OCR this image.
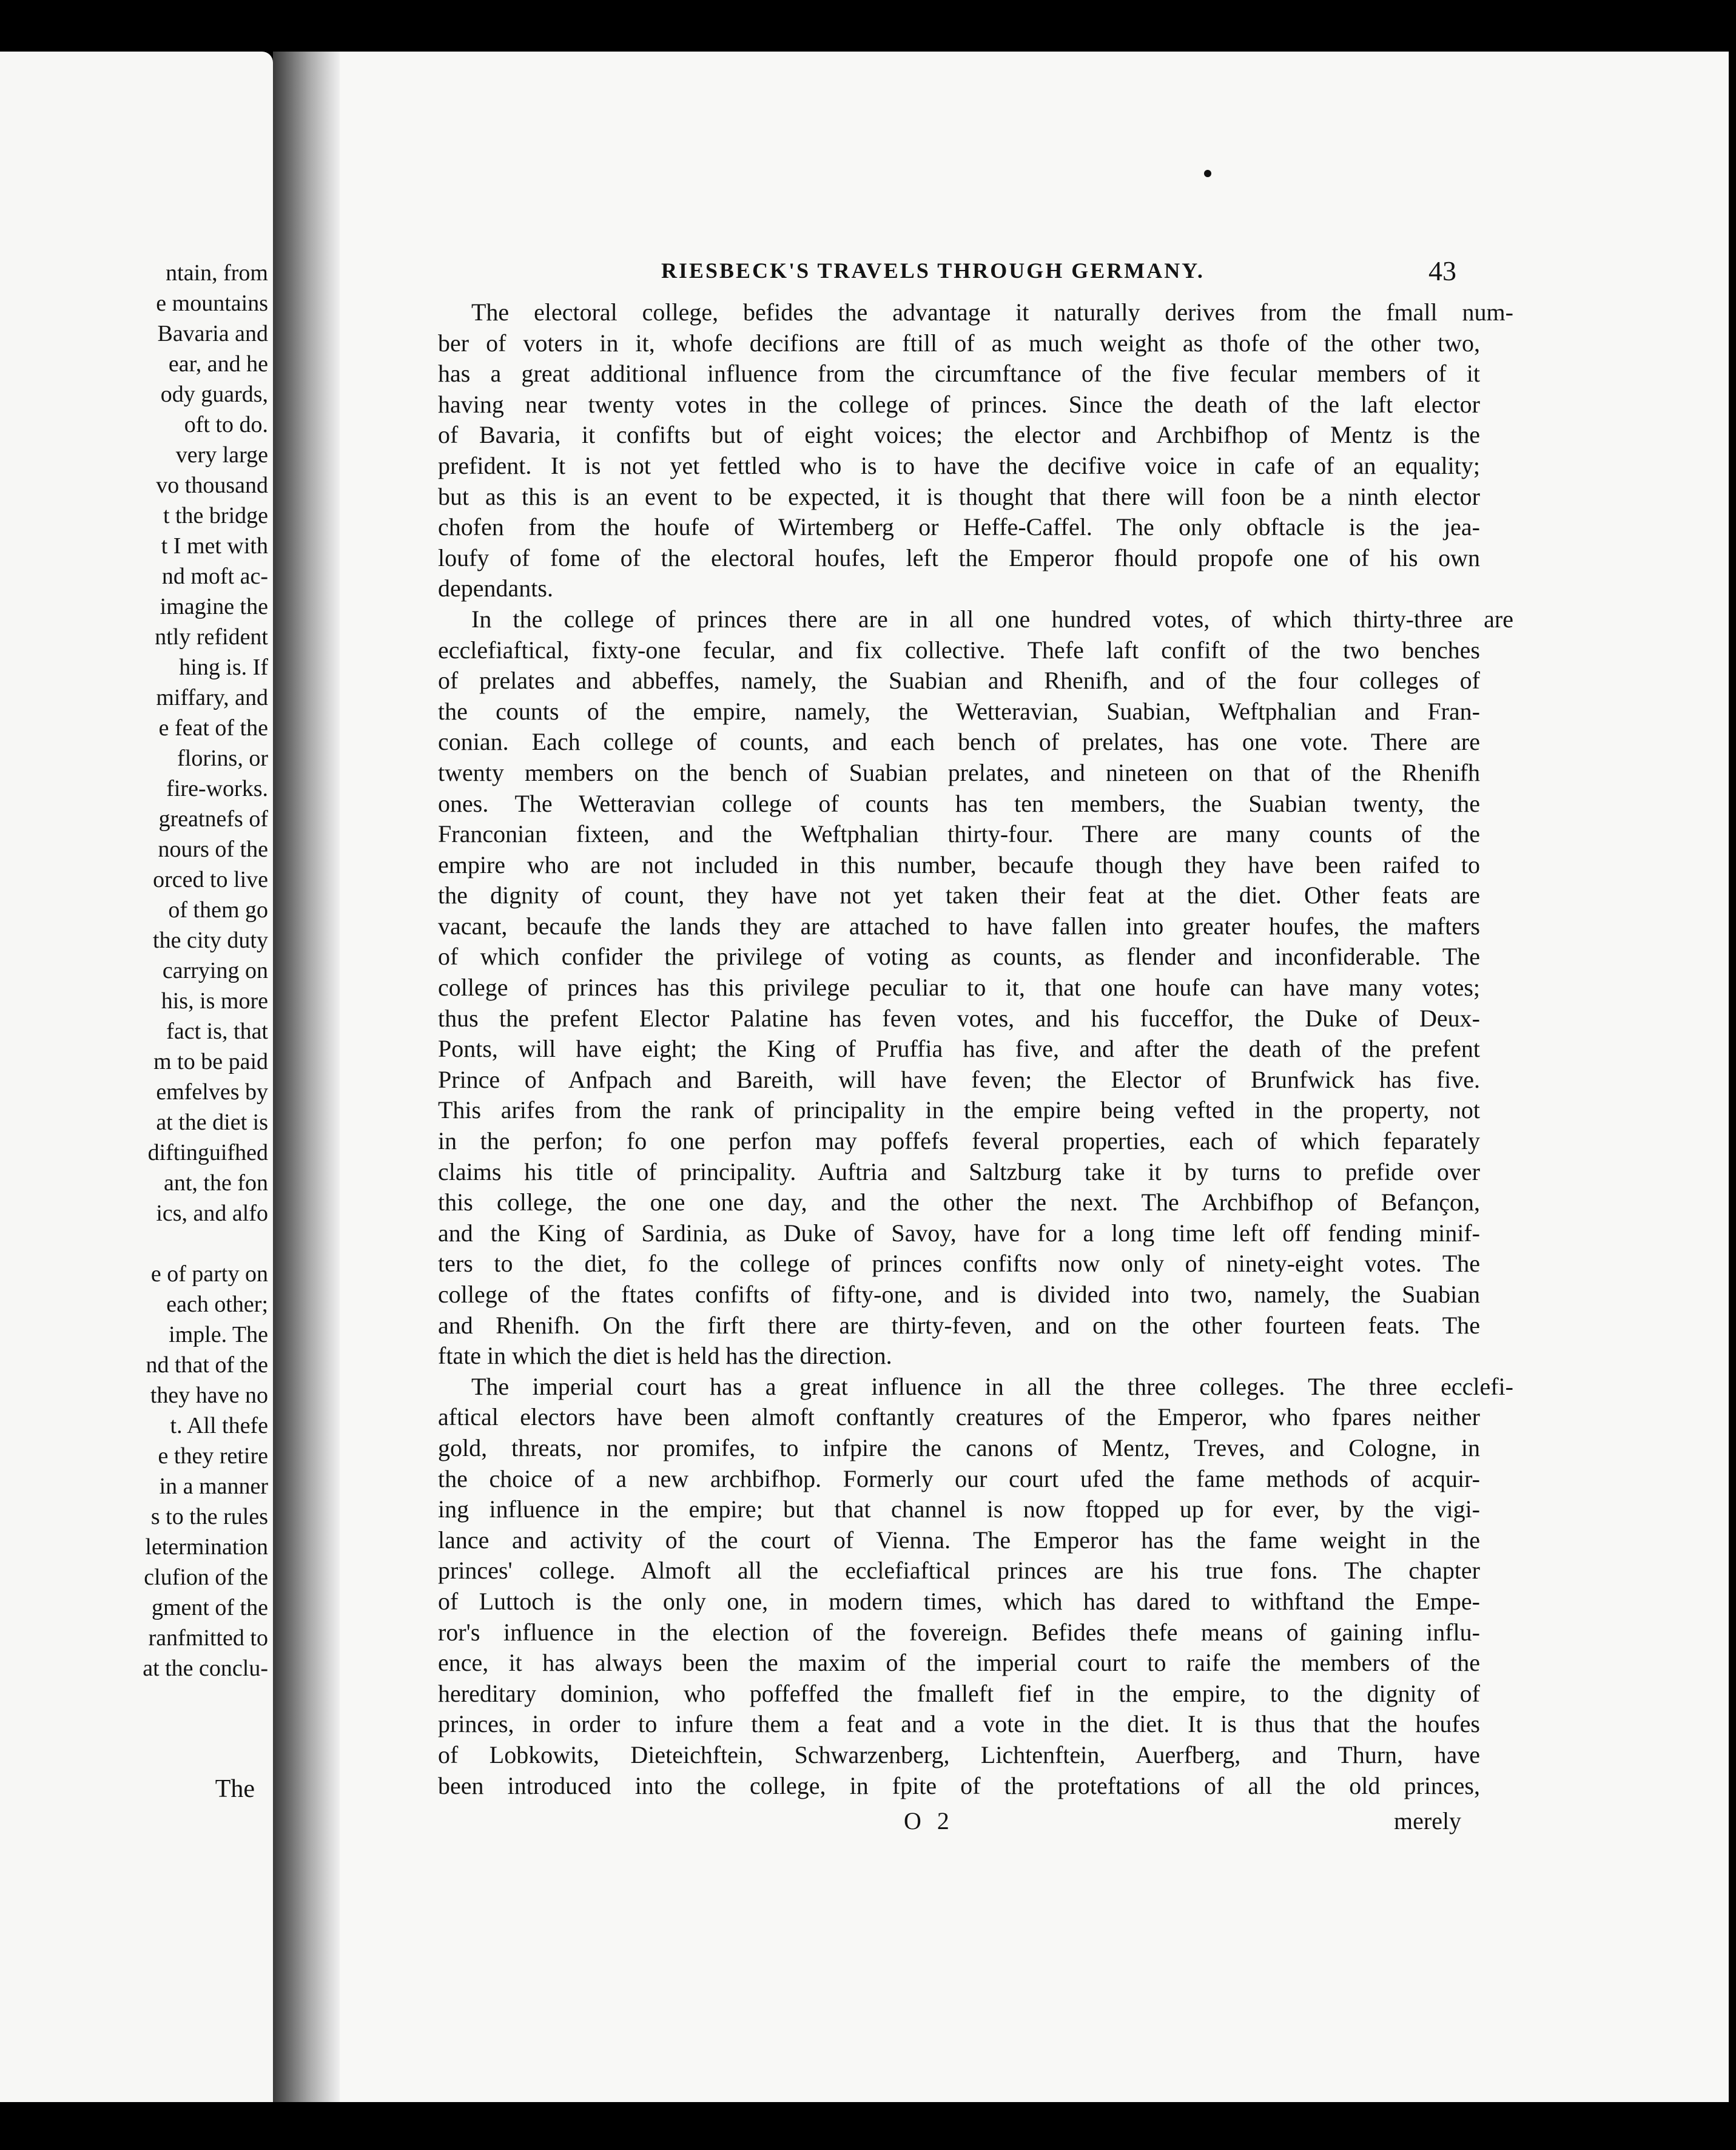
ntain, from
e mountains
Bavaria and
ear, and he
ody guards,
oft to do.
very large
vo thousand
t the bridge
t I met with
nd moft ac-
imagine the
ntly refident
hing is. If
miffary, and
e feat of the
florins, or
fire-works.
greatnefs of
nours of the
orced to live
of them go
the city duty
carrying on
his, is more
fact is, that
m to be paid
emfelves by
at the diet is
diftinguifhed
ant, the fon
ics, and alfo
e of party on
each other;
imple. The
nd that of the
they have no
t. All thefe
e they retire
in a manner
s to the rules
letermination
clufion of the
gment of the
ranfmitted to
at the conclu-
The
RIESBECK'S TRAVELS THROUGH GERMANY.	43
The electoral college, befides the advantage it naturally derives from the fmall num-
ber of voters in it, whofe decifions are ftill of as much weight as thofe of the other two,
has a great additional influence from the circumftance of the five fecular members of it
having near twenty votes in the college of princes. Since the death of the laft elector
of Bavaria, it confifts but of eight voices; the elector and Archbifhop of Mentz is the
prefident. It is not yet fettled who is to have the decifive voice in cafe of an equality;
but as this is an event to be expected, it is thought that there will foon be a ninth elector
chofen from the houfe of Wirtemberg or Heffe-Caffel. The only obftacle is the jea-
loufy of fome of the electoral houfes, left the Emperor fhould propofe one of his own
dependants.
In the college of princes there are in all one hundred votes, of which thirty-three are
ecclefiaftical, fixty-one fecular, and fix collective. Thefe laft confift of the two benches
of prelates and abbeffes, namely, the Suabian and Rhenifh, and of the four colleges of
the counts of the empire, namely, the Wetteravian, Suabian, Weftphalian and Fran-
conian. Each college of counts, and each bench of prelates, has one vote. There are
twenty members on the bench of Suabian prelates, and nineteen on that of the Rhenifh
ones. The Wetteravian college of counts has ten members, the Suabian twenty, the
Franconian fixteen, and the Weftphalian thirty-four. There are many counts of the
empire who are not included in this number, becaufe though they have been raifed to
the dignity of count, they have not yet taken their feat at the diet. Other feats are
vacant, becaufe the lands they are attached to have fallen into greater houfes, the mafters
of which confider the privilege of voting as counts, as flender and inconfiderable. The
college of princes has this privilege peculiar to it, that one houfe can have many votes;
thus the prefent Elector Palatine has feven votes, and his fucceffor, the Duke of Deux-
Ponts, will have eight; the King of Pruffia has five, and after the death of the prefent
Prince of Anfpach and Bareith, will have feven; the Elector of Brunfwick has five.
This arifes from the rank of principality in the empire being vefted in the property, not
in the perfon; fo one perfon may poffefs feveral properties, each of which feparately
claims his title of principality. Auftria and Saltzburg take it by turns to prefide over
this college, the one one day, and the other the next. The Archbifhop of Befançon,
and the King of Sardinia, as Duke of Savoy, have for a long time left off fending minif-
ters to the diet, fo the college of princes confifts now only of ninety-eight votes. The
college of the ftates confifts of fifty-one, and is divided into two, namely, the Suabian
and Rhenifh. On the firft there are thirty-feven, and on the other fourteen feats. The
ftate in which the diet is held has the direction.
The imperial court has a great influence in all the three colleges. The three ecclefi-
aftical electors have been almoft conftantly creatures of the Emperor, who fpares neither
gold, threats, nor promifes, to infpire the canons of Mentz, Treves, and Cologne, in
the choice of a new archbifhop. Formerly our court ufed the fame methods of acquir-
ing influence in the empire; but that channel is now ftopped up for ever, by the vigi-
lance and activity of the court of Vienna. The Emperor has the fame weight in the
princes' college. Almoft all the ecclefiaftical princes are his true fons. The chapter
of Luttoch is the only one, in modern times, which has dared to withftand the Empe-
ror's influence in the election of the fovereign. Befides thefe means of gaining influ-
ence, it has always been the maxim of the imperial court to raife the members of the
hereditary dominion, who poffeffed the fmalleft fief in the empire, to the dignity of
princes, in order to infure them a feat and a vote in the diet. It is thus that the houfes
of Lobkowits, Dieteichftein, Schwarzenberg, Lichtenftein, Auerfberg, and Thurn, have
been introduced into the college, in fpite of the proteftations of all the old princes,
O 2	merely
